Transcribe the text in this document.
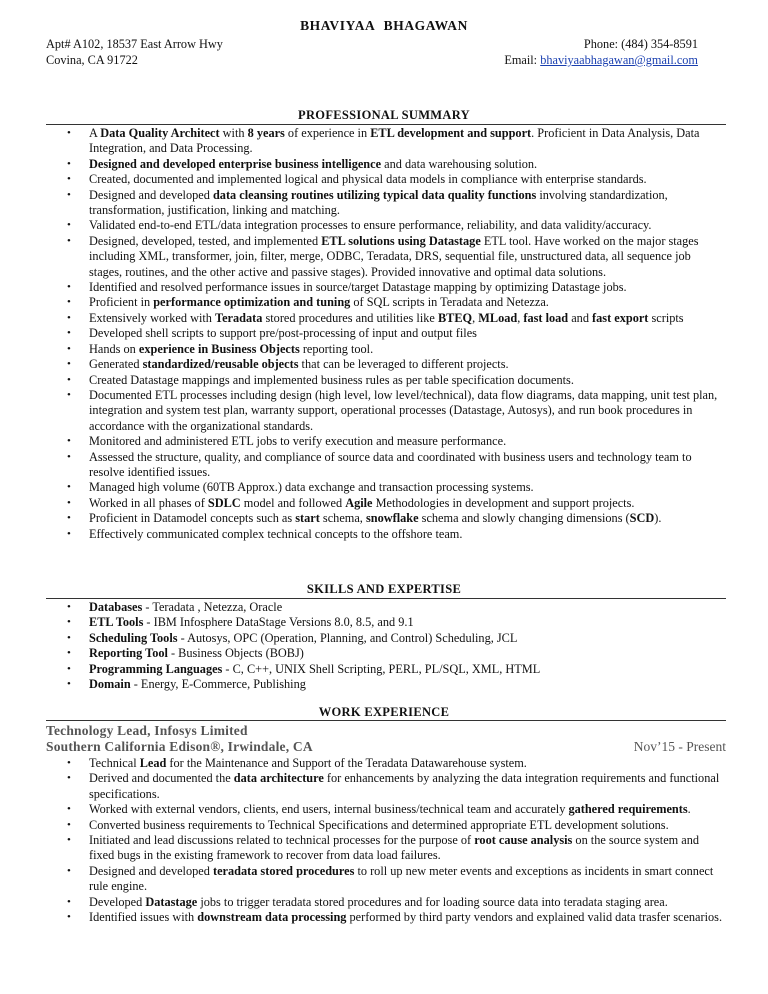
BHAVIYAA BHAGAWAN
Apt# A102, 18537 East Arrow Hwy
Covina, CA 91722
Phone: (484) 354-8591
Email: bhaviyaabhagawan@gmail.com
PROFESSIONAL SUMMARY
• A Data Quality Architect with 8 years of experience in ETL development and support. Proficient in Data Analysis, Data Integration, and Data Processing.
• Designed and developed enterprise business intelligence and data warehousing solution.
• Created, documented and implemented logical and physical data models in compliance with enterprise standards.
• Designed and developed data cleansing routines utilizing typical data quality functions involving standardization, transformation, justification, linking and matching.
• Validated end-to-end ETL/data integration processes to ensure performance, reliability, and data validity/accuracy.
• Designed, developed, tested, and implemented ETL solutions using Datastage ETL tool. Have worked on the major stages including XML, transformer, join, filter, merge, ODBC, Teradata, DRS, sequential file, unstructured data, all sequence job stages, routines, and the other active and passive stages). Provided innovative and optimal data solutions.
• Identified and resolved performance issues in source/target Datastage mapping by optimizing Datastage jobs.
• Proficient in performance optimization and tuning of SQL scripts in Teradata and Netezza.
• Extensively worked with Teradata stored procedures and utilities like BTEQ, MLoad, fast load and fast export scripts
• Developed shell scripts to support pre/post-processing of input and output files
• Hands on experience in Business Objects reporting tool.
• Generated standardized/reusable objects that can be leveraged to different projects.
• Created Datastage mappings and implemented business rules as per table specification documents.
• Documented ETL processes including design (high level, low level/technical), data flow diagrams, data mapping, unit test plan, integration and system test plan, warranty support, operational processes (Datastage, Autosys), and run book procedures in accordance with the organizational standards.
• Monitored and administered ETL jobs to verify execution and measure performance.
• Assessed the structure, quality, and compliance of source data and coordinated with business users and technology team to resolve identified issues.
• Managed high volume (60TB Approx.) data exchange and transaction processing systems.
• Worked in all phases of SDLC model and followed Agile Methodologies in development and support projects.
• Proficient in Datamodel concepts such as start schema, snowflake schema and slowly changing dimensions (SCD).
• Effectively communicated complex technical concepts to the offshore team.
SKILLS AND EXPERTISE
• Databases - Teradata , Netezza, Oracle
• ETL Tools - IBM Infosphere DataStage Versions 8.0, 8.5, and 9.1
• Scheduling Tools - Autosys, OPC (Operation, Planning, and Control) Scheduling, JCL
• Reporting Tool - Business Objects (BOBJ)
• Programming Languages - C, C++, UNIX Shell Scripting, PERL, PL/SQL, XML, HTML
• Domain - Energy, E-Commerce, Publishing
WORK EXPERIENCE
Technology Lead, Infosys Limited
Southern California Edison®, Irwindale, CA	Nov’15 - Present
• Technical Lead for the Maintenance and Support of the Teradata Datawarehouse system.
• Derived and documented the data architecture for enhancements by analyzing the data integration requirements and functional specifications.
• Worked with external vendors, clients, end users, internal business/technical team and accurately gathered requirements.
• Converted business requirements to Technical Specifications and determined appropriate ETL development solutions.
• Initiated and lead discussions related to technical processes for the purpose of root cause analysis on the source system and fixed bugs in the existing framework to recover from data load failures.
• Designed and developed teradata stored procedures to roll up new meter events and exceptions as incidents in smart connect rule engine.
• Developed Datastage jobs to trigger teradata stored procedures and for loading source data into teradata staging area.
• Identified issues with downstream data processing performed by third party vendors and explained valid data trasfer scenarios.
